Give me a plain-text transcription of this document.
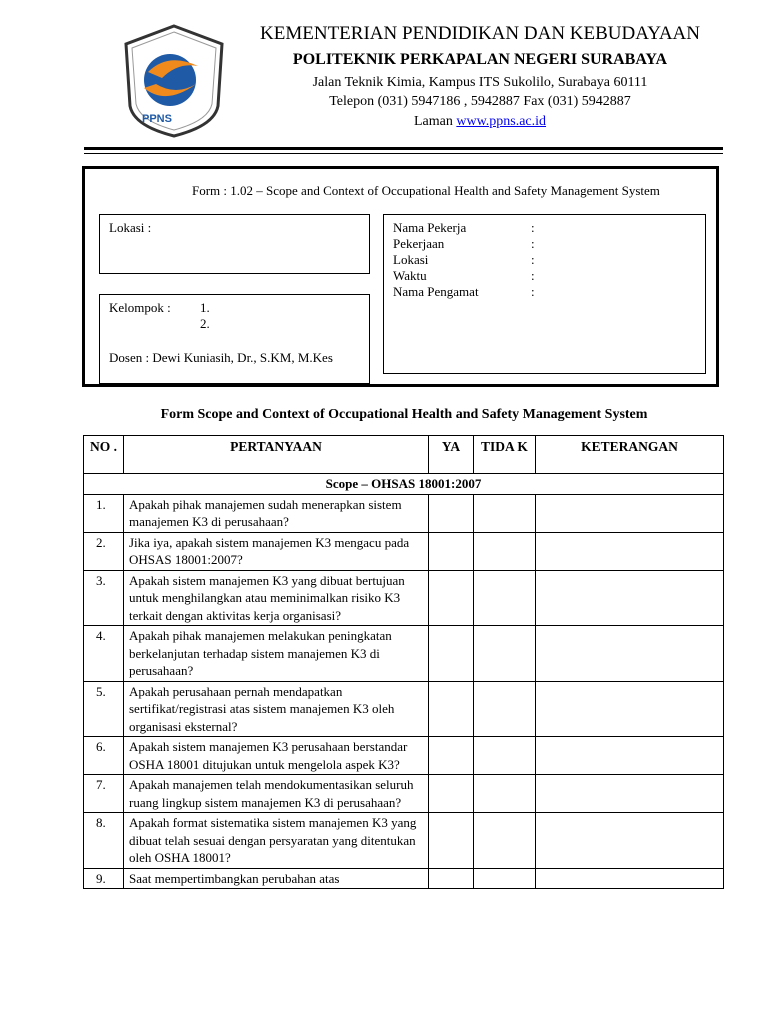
PPNS
KEMENTERIAN PENDIDIKAN DAN KEBUDAYAAN
POLITEKNIK PERKAPALAN NEGERI SURABAYA
Jalan Teknik Kimia, Kampus ITS Sukolilo, Surabaya 60111
Telepon (031) 5947186 , 5942887 Fax (031) 5942887
Laman www.ppns.ac.id
Form : 1.02 – Scope and Context of Occupational Health and Safety Management System
Lokasi :
Kelompok : 1.
2.
Dosen : Dewi Kuniasih, Dr., S.KM, M.Kes
Nama Pekerja	:
Pekerjaan	:
Lokasi	:
Waktu	:
Nama Pengamat	:
Form Scope and Context of Occupational Health and Safety Management System
NO .	PERTANYAAN	YA	TIDA K	KETERANGAN
Scope – OHSAS 18001:2007				
1.	Apakah pihak manajemen sudah menerapkan sistem manajemen K3 di perusahaan?			
2.	Jika iya, apakah sistem manajemen K3 mengacu pada OHSAS 18001:2007?			
3.	Apakah sistem manajemen K3 yang dibuat bertujuan untuk menghilangkan atau meminimalkan risiko K3 terkait dengan aktivitas kerja organisasi?			
4.	Apakah pihak manajemen melakukan peningkatan berkelanjutan terhadap sistem manajemen K3 di perusahaan?			
5.	Apakah perusahaan pernah mendapatkan sertifikat/registrasi atas sistem manajemen K3 oleh organisasi eksternal?			
6.	Apakah sistem manajemen K3 perusahaan berstandar OSHA 18001 ditujukan untuk mengelola aspek K3?			
7.	Apakah manajemen telah mendokumentasikan seluruh ruang lingkup sistem manajemen K3 di perusahaan?			
8.	Apakah format sistematika sistem manajemen K3 yang dibuat telah sesuai dengan persyaratan yang ditentukan oleh OSHA 18001?			
9.	Saat mempertimbangkan perubahan atas			
